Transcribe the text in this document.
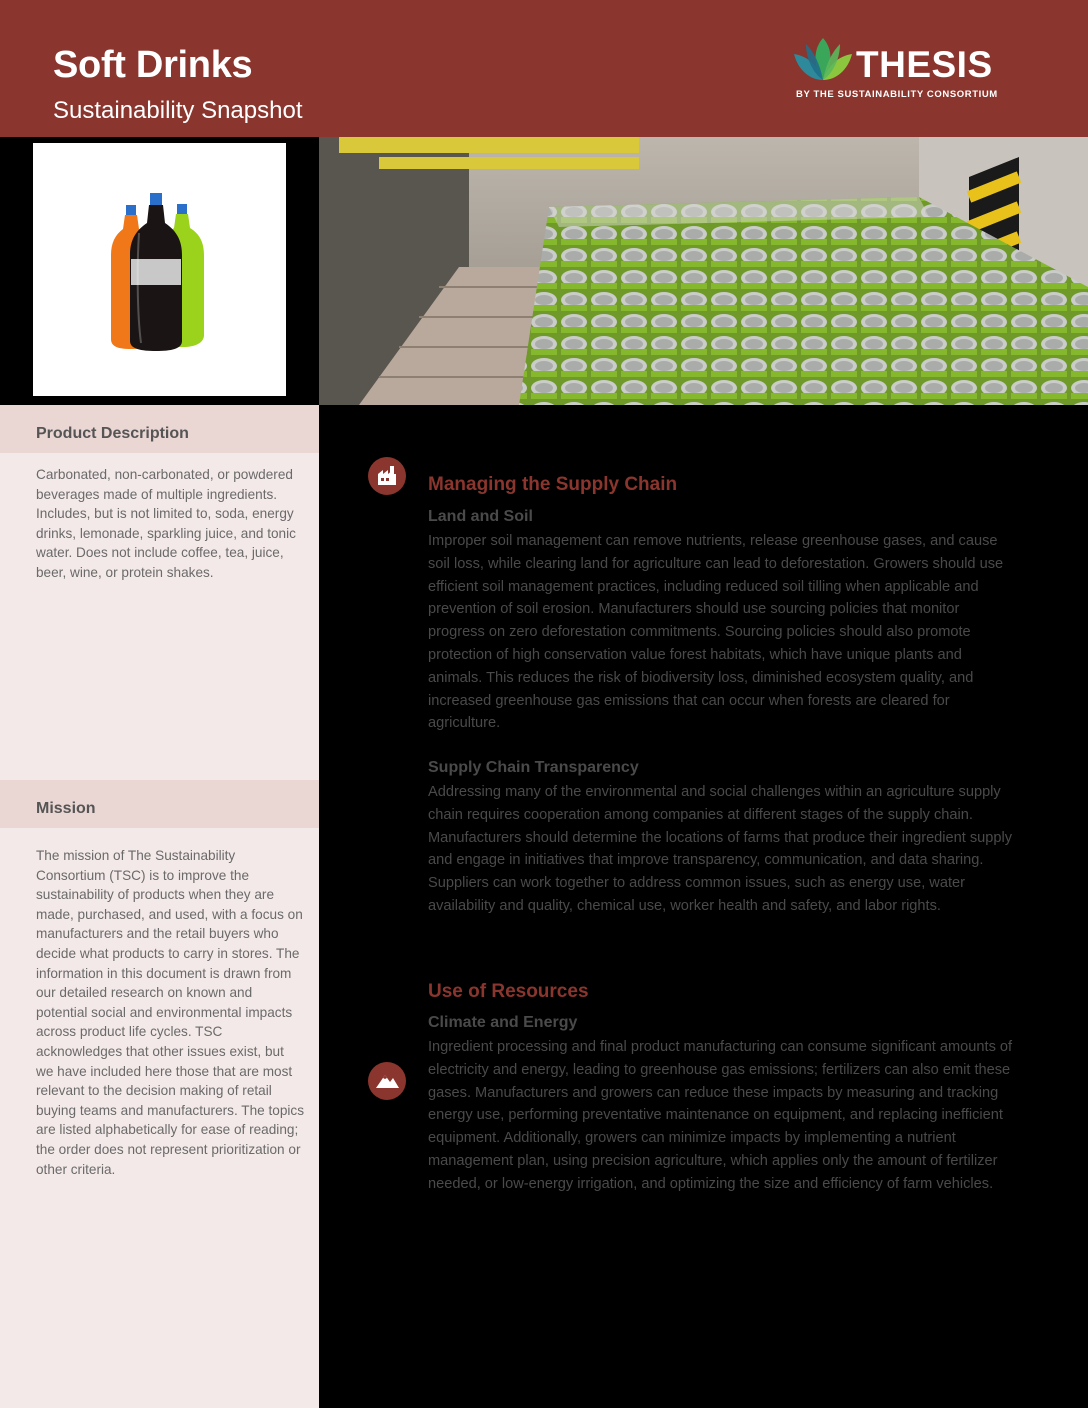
Soft Drinks
Sustainability Snapshot
THESIS
BY THE SUSTAINABILITY CONSORTIUM
Product Description
Carbonated, non-carbonated, or powdered beverages made of multiple ingredients. Includes, but is not limited to, soda, energy drinks, lemonade, sparkling juice, and tonic water. Does not include coffee, tea, juice, beer, wine, or protein shakes.
Mission
The mission of The Sustainability Consortium (TSC) is to improve the sustainability of products when they are made, purchased, and used, with a focus on manufacturers and the retail buyers who decide what products to carry in stores. The information in this document is drawn from our detailed research on known and potential social and environmental impacts across product life cycles. TSC acknowledges that other issues exist, but we have included here those that are most relevant to the decision making of retail buying teams and manufacturers. The topics are listed alphabetically for ease of reading; the order does not represent prioritization or other criteria.
Managing the Supply Chain
Land and Soil
Improper soil management can remove nutrients, release greenhouse gases, and cause soil loss, while clearing land for agriculture can lead to deforestation. Growers should use efficient soil management practices, including reduced soil tilling when applicable and prevention of soil erosion. Manufacturers should use sourcing policies that monitor progress on zero deforestation commitments. Sourcing policies should also promote protection of high conservation value forest habitats, which have unique plants and animals. This reduces the risk of biodiversity loss, diminished ecosystem quality, and increased greenhouse gas emissions that can occur when forests are cleared for agriculture.
Supply Chain Transparency
Addressing many of the environmental and social challenges within an agriculture supply chain requires cooperation among companies at different stages of the supply chain. Manufacturers should determine the locations of farms that produce their ingredient supply and engage in initiatives that improve transparency, communication, and data sharing. Suppliers can work together to address common issues, such as energy use, water availability and quality, chemical use, worker health and safety, and labor rights.
Use of Resources
Climate and Energy
Ingredient processing and final product manufacturing can consume significant amounts of electricity and energy, leading to greenhouse gas emissions; fertilizers can also emit these gases. Manufacturers and growers can reduce these impacts by measuring and tracking energy use, performing preventative maintenance on equipment, and replacing inefficient equipment. Additionally, growers can minimize impacts by implementing a nutrient management plan, using precision agriculture, which applies only the amount of fertilizer needed, or low-energy irrigation, and optimizing the size and efficiency of farm vehicles.
